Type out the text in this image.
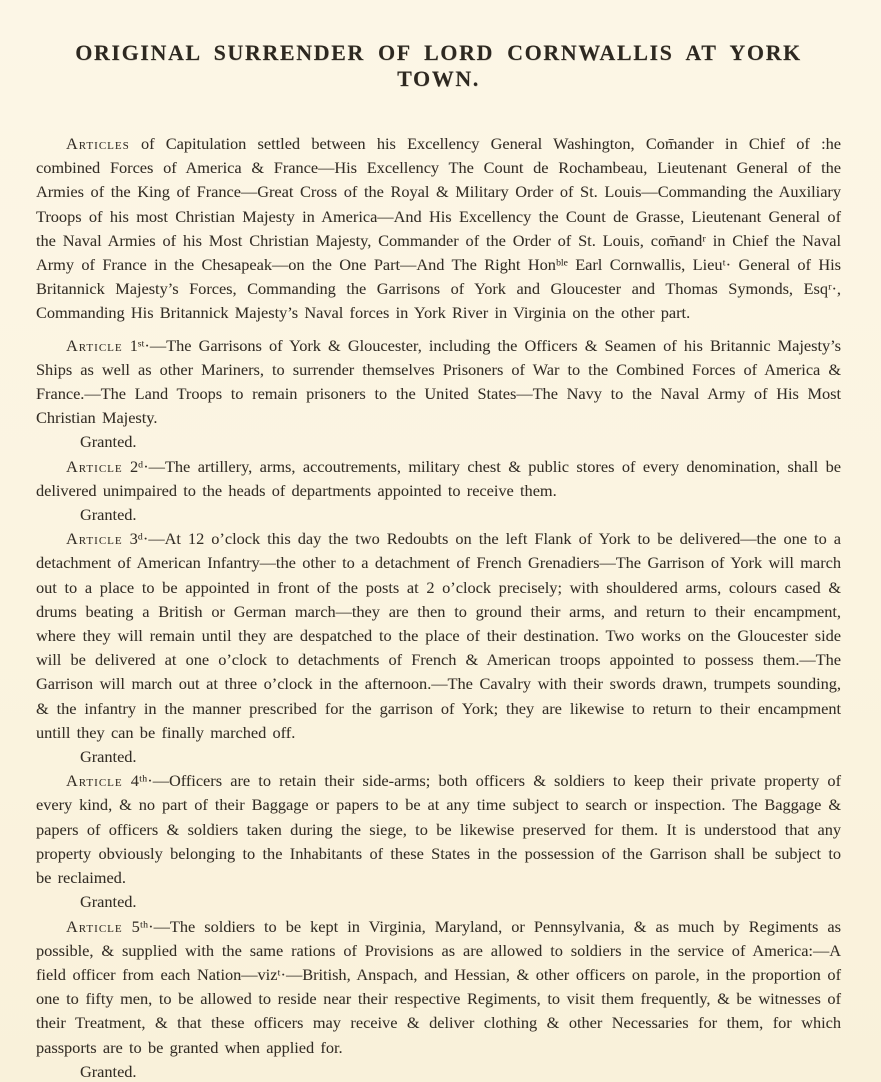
ORIGINAL SURRENDER OF LORD CORNWALLIS AT YORK TOWN.

Articles of Capitulation settled between his Excellency General Washington, Com̄ander in Chief of :he combined Forces of America & France—His Excellency The Count de Rochambeau, Lieutenant General of the Armies of the King of France—Great Cross of the Royal & Military Order of St. Louis—Commanding the Auxiliary Troops of his most Christian Majesty in America—And His Excellency the Count de Grasse, Lieutenant General of the Naval Armies of his Most Christian Majesty, Commander of the Order of St. Louis, com̄andʳ in Chief the Naval Army of France in the Chesapeak—on the One Part—And The Right Honᵇˡᵉ Earl Cornwallis, Lieuᵗ· General of His Britannick Majesty’s Forces, Commanding the Garrisons of York and Gloucester and Thomas Symonds, Esqʳ·, Commanding His Britannick Majesty’s Naval forces in York River in Virginia on the other part.

Article 1ˢᵗ·—The Garrisons of York & Gloucester, including the Officers & Seamen of his Britannic Majesty’s Ships as well as other Mariners, to surrender themselves Prisoners of War to the Combined Forces of America & France.—The Land Troops to remain prisoners to the United States—The Navy to the Naval Army of His Most Christian Majesty.

Granted.

Article 2ᵈ·—The artillery, arms, accoutrements, military chest & public stores of every denomination, shall be delivered unimpaired to the heads of departments appointed to receive them.

Granted.

Article 3ᵈ·—At 12 o’clock this day the two Redoubts on the left Flank of York to be delivered—the one to a detachment of American Infantry—the other to a detachment of French Grenadiers—The Garrison of York will march out to a place to be appointed in front of the posts at 2 o’clock precisely; with shouldered arms, colours cased & drums beating a British or German march—they are then to ground their arms, and return to their encampment, where they will remain until they are despatched to the place of their destination. Two works on the Gloucester side will be delivered at one o’clock to detachments of French & American troops appointed to possess them.—The Garrison will march out at three o’clock in the afternoon.—The Cavalry with their swords drawn, trumpets sounding, & the infantry in the manner prescribed for the garrison of York; they are likewise to return to their encampment untill they can be finally marched off.

Granted.

Article 4ᵗʰ·—Officers are to retain their side-arms; both officers & soldiers to keep their private property of every kind, & no part of their Baggage or papers to be at any time subject to search or inspection. The Baggage & papers of officers & soldiers taken during the siege, to be likewise preserved for them. It is understood that any property obviously belonging to the Inhabitants of these States in the possession of the Garrison shall be subject to be reclaimed.

Granted.

Article 5ᵗʰ·—The soldiers to be kept in Virginia, Maryland, or Pennsylvania, & as much by Regiments as possible, & supplied with the same rations of Provisions as are allowed to soldiers in the service of America:—A field officer from each Nation—vizᵗ·—British, Anspach, and Hessian, & other officers on parole, in the proportion of one to fifty men, to be allowed to reside near their respective Regiments, to visit them frequently, & be witnesses of their Treatment, & that these officers may receive & deliver clothing & other Necessaries for them, for which passports are to be granted when applied for.

Granted.
